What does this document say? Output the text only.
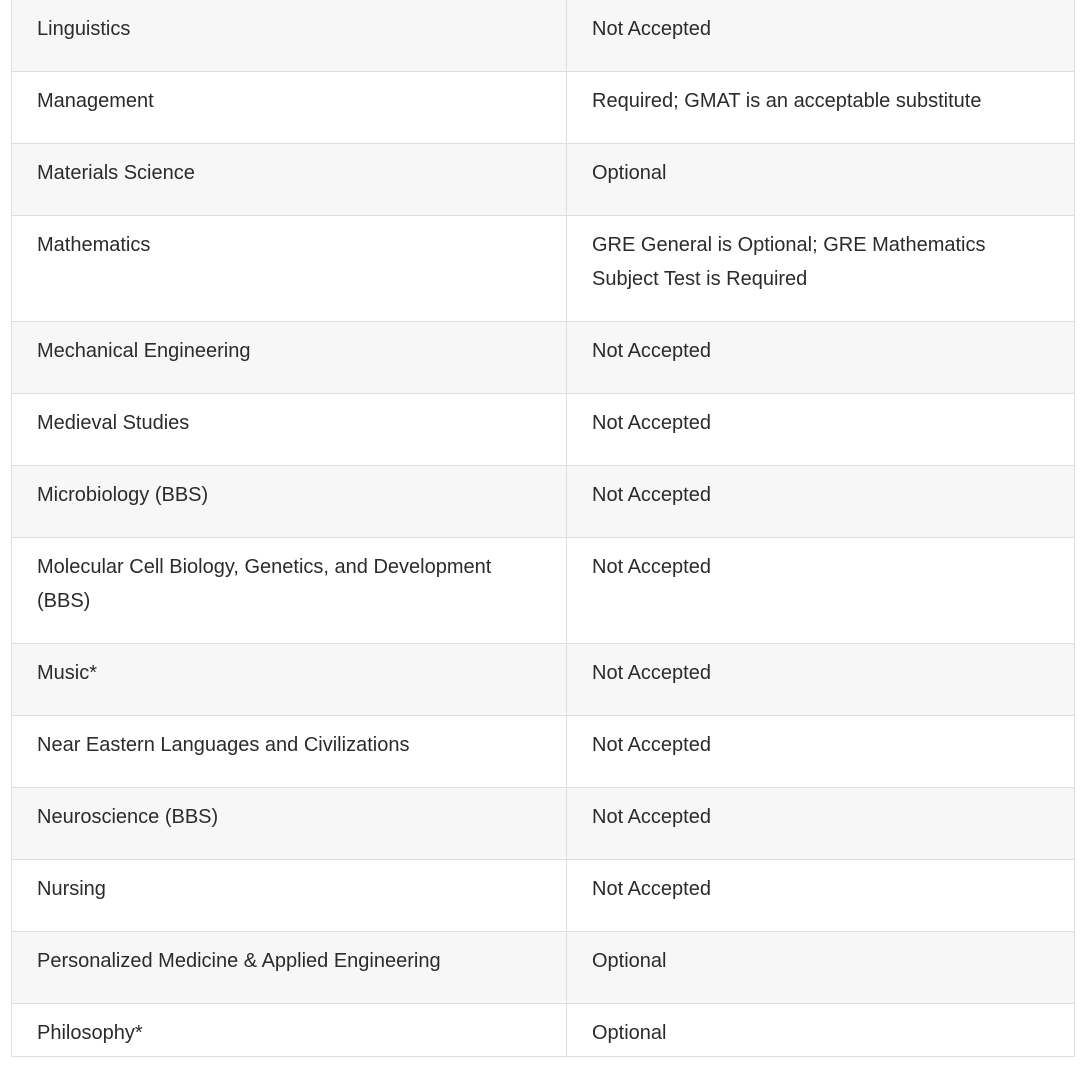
Linguistics	Not Accepted
Management	Required; GMAT is an acceptable substitute
Materials Science	Optional
Mathematics	GRE General is Optional; GRE Mathematics Subject Test is Required
Mechanical Engineering	Not Accepted
Medieval Studies	Not Accepted
Microbiology (BBS)	Not Accepted
Molecular Cell Biology, Genetics, and Development (BBS)	Not Accepted
Music*	Not Accepted
Near Eastern Languages and Civilizations	Not Accepted
Neuroscience (BBS)	Not Accepted
Nursing	Not Accepted
Personalized Medicine & Applied Engineering	Optional
Philosophy*	Optional
